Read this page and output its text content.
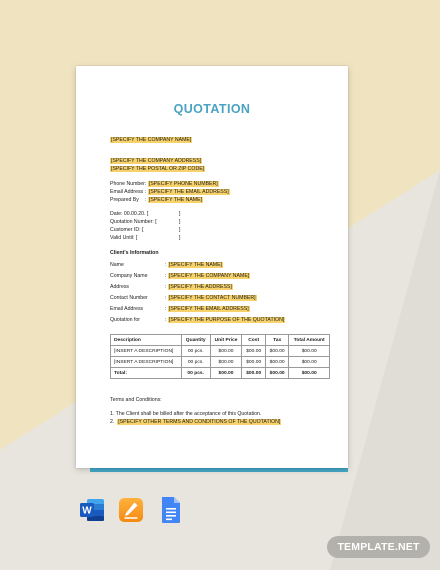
QUOTATION
[SPECIFY THE COMPANY NAME]
[SPECIFY THE COMPANY ADDRESS]
[SPECIFY THE POSTAL OR ZIP CODE]
Phone Number : [SPECIFY PHONE NUMBER]
Email Address : [SPECIFY THE EMAIL ADDRESS]
Prepared By : [SPECIFY THE NAME]
Date: 00.00.20. [	]
Quotation Number: [	]
Customer ID: [	]
Valid Until: [	]
Client's Information
Name	: [SPECIFY THE NAME]
Company Name	: [SPECIFY THE COMPANY NAME]
Address	: [SPECIFY THE ADDRESS]
Contact Number	: [SPECIFY THE CONTACT NUMBER]
Email Address	: [SPECIFY THE EMAIL ADDRESS]
Quotation for	: [SPECIFY THE PURPOSE OF THE QUOTATION]
Description	Quantity	Unit Price	Cost	Tax	Total Amount
[INSERT A DESCRIPTION]	00 pcs.	$00.00	$00.00	$00.00	$00.00
[INSERT A DESCRIPTION]	00 pcs.	$00.00	$00.00	$00.00	$00.00
Total:	00 pcs.	$00.00	$00.00	$00.00	$00.00
Terms and Conditions:
1. The Client shall be billed after the acceptance of this Quotation.
2. [SPECIFY OTHER TERMS AND CONDITIONS OF THE QUOTATION]
W
TEMPLATE.NET
